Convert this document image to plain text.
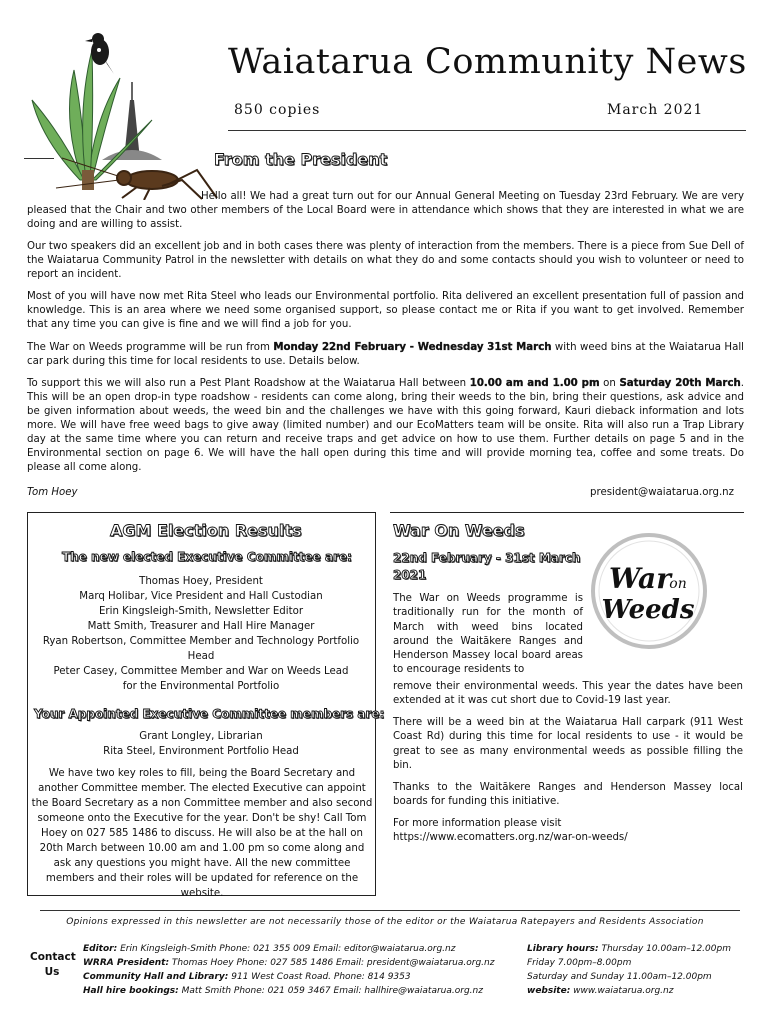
Waiatarua Community News
850 copies	March 2021
From the President

Hello all! We had a great turn out for our Annual General Meeting on Tuesday 23rd February. We are very pleased that the Chair and two other members of the Local Board were in attendance which shows that they are interested in what we are doing and are willing to assist.

Our two speakers did an excellent job and in both cases there was plenty of interaction from the members. There is a piece from Sue Dell of the Waiatarua Community Patrol in the newsletter with details on what they do and some contacts should you wish to volunteer or need to report an incident.

Most of you will have now met Rita Steel who leads our Environmental portfolio. Rita delivered an excellent presentation full of passion and knowledge. This is an area where we need some organised support, so please contact me or Rita if you want to get involved. Remember that any time you can give is fine and we will find a job for you.

The War on Weeds programme will be run from Monday 22nd February - Wednesday 31st March with weed bins at the Waiatarua Hall car park during this time for local residents to use. Details below.

To support this we will also run a Pest Plant Roadshow at the Waiatarua Hall between 10.00 am and 1.00 pm on Saturday 20th March. This will be an open drop-in type roadshow - residents can come along, bring their weeds to the bin, bring their questions, ask advice and be given information about weeds, the weed bin and the challenges we have with this going forward, Kauri dieback information and lots more. We will have free weed bags to give away (limited number) and our EcoMatters team will be onsite. Rita will also run a Trap Library day at the same time where you can return and receive traps and get advice on how to use them. Further details on page 5 and in the Environmental section on page 6. We will have the hall open during this time and will provide morning tea, coffee and some treats. Do please all come along.

Tom Hoey	president@waiatarua.org.nz
AGM Election Results
The new elected Executive Committee are:
Thomas Hoey, President
Marq Holibar, Vice President and Hall Custodian
Erin Kingsleigh-Smith, Newsletter Editor
Matt Smith, Treasurer and Hall Hire Manager
Ryan Robertson, Committee Member and Technology Portfolio Head
Peter Casey, Committee Member and War on Weeds Lead for the Environmental Portfolio
Your Appointed Executive Committee members are:
Grant Longley, Librarian
Rita Steel, Environment Portfolio Head

We have two key roles to fill, being the Board Secretary and another Committee member. The elected Executive can appoint the Board Secretary as a non Committee member and also second someone onto the Executive for the year. Don't be shy! Call Tom Hoey on 027 585 1486 to discuss. He will also be at the hall on 20th March between 10.00 am and 1.00 pm so come along and ask any questions you might have. All the new committee members and their roles will be updated for reference on the website.

War On Weeds
22nd February - 31st March 2021	War
on
Weeds

The War on Weeds programme is traditionally run for the month of March with weed bins located around the Waitākere Ranges and Henderson Massey local board areas to encourage residents to

remove their environmental weeds. This year the dates have been extended at it was cut short due to Covid-19 last year.

There will be a weed bin at the Waiatarua Hall carpark (911 West Coast Rd) during this time for local residents to use - it would be great to see as many environmental weeds as possible filling the bin.

Thanks to the Waitākere Ranges and Henderson Massey local boards for funding this initiative.

For more information please visit https://www.ecomatters.org.nz/war-on-weeds/

Opinions expressed in this newsletter are not necessarily those of the editor or the Waiatarua Ratepayers and Residents Association
Contact
Us
Editor: Erin Kingsleigh-Smith Phone: 021 355 009 Email: editor@waiatarua.org.nz
WRRA President: Thomas Hoey Phone: 027 585 1486 Email: president@waiatarua.org.nz
Community Hall and Library: 911 West Coast Road. Phone: 814 9353
Hall hire bookings: Matt Smith Phone: 021 059 3467 Email: hallhire@waiatarua.org.nz
Library hours: Thursday 10.00am–12.00pm
Friday 7.00pm–8.00pm
Saturday and Sunday 11.00am–12.00pm
website: www.waiatarua.org.nz
